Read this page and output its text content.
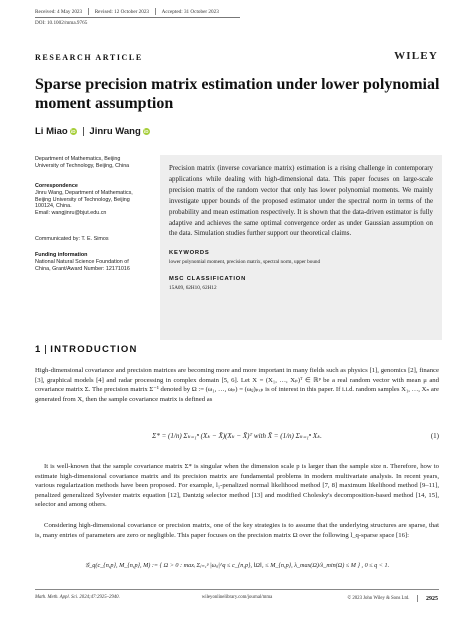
Received: 4 May 2023 Revised: 12 October 2023 Accepted: 31 October 2023
DOI: 10.1002/mma.9765
RESEARCH ARTICLE	WILEY
Sparse precision matrix estimation under lower polynomial moment assumption
Li Miao iD Jinru Wang iD
Department of Mathematics, Beijing
University of Technology, Beijing, China
Correspondence
Jinru Wang, Department of Mathematics,
Beijing University of Technology, Beijing
100124, China.
Email: wangjinru@bjut.edu.cn
Communicated by: T. E. Simos
Funding information
National Natural Science Foundation of
China, Grant/Award Number: 12171016
Precision matrix (inverse covariance matrix) estimation is a rising challenge in contemporary applications while dealing with high-dimensional data. This paper focuses on large-scale precision matrix of the random vector that only has lower polynomial moments. We mainly investigate upper bounds of the proposed estimator under the spectral norm in terms of the probability and mean estimation respectively. It is shown that the data-driven estimator is fully adaptive and achieves the same optimal convergence order as under Gaussian assumption on the data. Simulation studies further support our theoretical claims.
KEYWORDS
lower polynomial moment, precision matrix, spectral norm, upper bound
MSC CLASSIFICATION
15A09, 62H10, 62H12
1 INTRODUCTION
High-dimensional covariance and precision matrices are becoming more and more important in many fields such as physics [1], genomics [2], finance [3], graphical models [4] and radar processing in complex domain [5, 6]. Let X = (X₁, …, Xₚ)ᵀ ∈ ℝᵖ be a real random vector with mean μ and covariance matrix Σ. The precision matrix Σ⁻¹ denoted by Ω := (ω₁, …, ωₚ) = (ωᵢⱼ)ₚₓₚ is of interest in this paper. If i.i.d. random samples X₁, …, Xₙ are generated from X, then the sample covariance matrix is defined as
Σ* = (1/n) Σₖ₌₁ⁿ (Xₖ − X̄)(Xₖ − X̄)ᵀ with X̄ = (1/n) Σₖ₌₁ⁿ Xₖ.	(1)
It is well-known that the sample covariance matrix Σ* is singular when the dimension scale p is larger than the sample size n. Therefore, how to estimate high-dimensional covariance matrix and its precision matrix are fundamental problems in modern multivariate analysis. In recent years, various regularization methods have been proposed. For example, l₁-penalized normal likelihood method [7, 8] maximum likelihood method [9–11], penalized generalized Sylvester matrix equation [12], Dantzig selector method [13] and modified Cholesky's decomposition-based method [14, 15], selector and among others.
Considering high-dimensional covariance or precision matrix, one of the key strategies is to assume that the underlying structures are sparse, that is, many entries of parameters are zero or negligible. This paper focuses on the precision matrix Ω over the following l_q-sparse space [16]:
𝒢_q(c_{n,p}, M_{n,p}, M) := { Ω > 0 : maxᵢ Σⱼ₌₁ᵖ |ωᵢⱼ|^q ≤ c_{n,p}, ‖Ω‖₁ ≤ M_{n,p}, λ_max(Ω)/λ_min(Ω) ≤ M } , 0 ≤ q < 1.
Math. Meth. Appl. Sci. 2024;47:2925–2940.	wileyonlinelibrary.com/journal/mma	© 2023 John Wiley & Sons Ltd.	2925
